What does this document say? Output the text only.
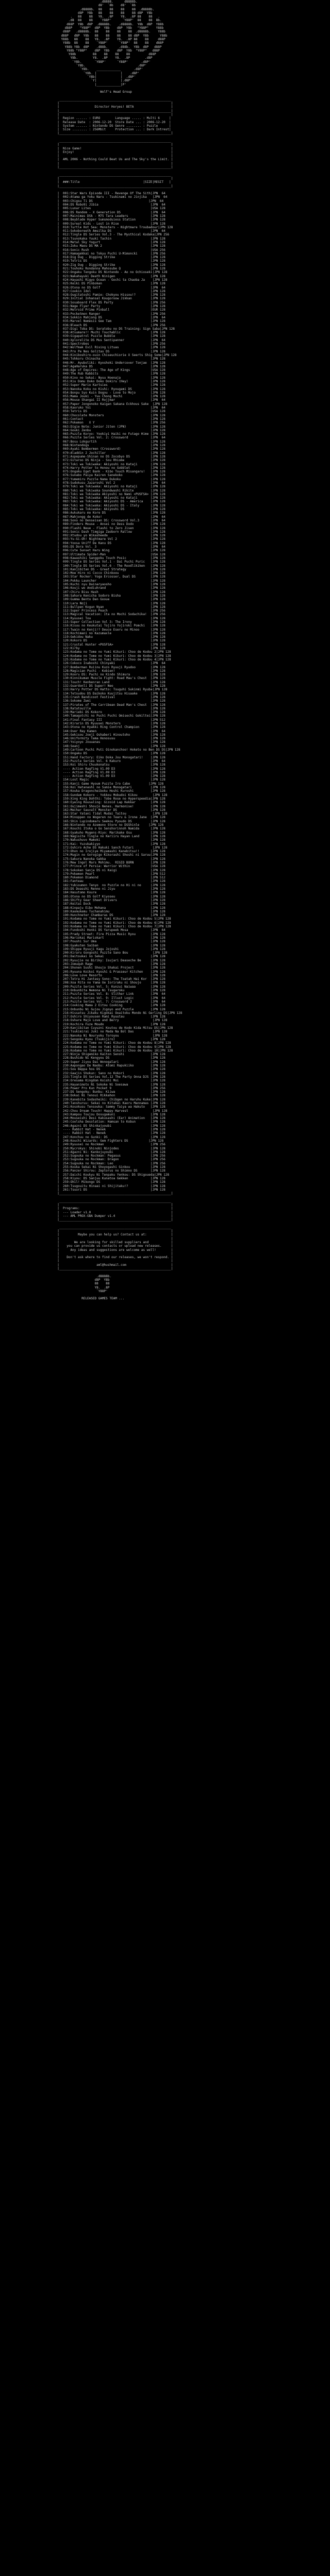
.d8888.      d8888b.
d8'  `8b    d8'  `8b
.d8888b.  88    88    88    88  .d8888b.
d8P  Y8b   88    88    88    88 d8P  Y8b
.   88    88   Y8.  .8P    Y8.  .8P 88    88   .
.d8  88    88    `Y88P'      `Y88P'  88    88  8b.
d88P  Y8b  d8P  .d8888b.    .d8888b.  Y8b  d8P  Y88b
d88P    "Y88P"  d8P  Y8b    d8P  Y8b   "Y88P"    Y88b
d88P   .d8888b.  88    88    88    88  .d8888b.    Y88b
d88P   d8P  Y8b   88    88    88    88 d8P  Y8b      Y88b
Y88b   88    88   Y8.  .8P    Y8.  .8P 88    88     d88P
Y88b  88    88    `Y88P'      `Y88P'  88    88    d88P
Y88b Y8b  d8P    .d88b.      .d88b.  Y8b  d8P   d88P
Y88b "Y88P"    d8P  Y8b    d8P  Y8b  "Y88P"   d88P
Y88b         88    88    88    88          d88P
Y8b.        Y8.  .8P    Y8.  .8P        .d8P
`Y8b.       `Y88P'      `Y88P'       .d8P'
`Y8b.                            .d8P'
`Y8b.    _____________       .d8P'
`Y8b. |             |    .d8P'
`Y8b|             |  .d8P'
`Y|             |.d8P'
|_____________|P'

Wolf's Head Group

____________________________________________________________
|                                                            |
|                   Director Horyes! BETA                    |
|____________________________________________________________|
|                                                            |
|  Region ...... : EURO        Language ..... : Multi 6     |
|  Release Date  : 2006-12-20  Store Date ... : 2006-12-20  |
|  System ...... : Nintendo DS Genre ........ : Puzzle      |
|  Size ........ : 256Mbit     Protection ... : Dark Intrest|
|____________________________________________________________|

____________________________________________________________
|                                                            |
|  Nice Game!                                                |
|  Enjoy!                                                    |
|                                                            |
|  AML 2006 - Nothing Could Beat Us and The Sky's the Limit. |
|                                                            |
|____________________________________________________________|

____________________________________________________________
|                                                            |
|  ###:Title                                  |SIZE|REGIT   |
|____________________________________________________________|

|  001:Star Wars Episode III - Revenge Of The Sith|JPN  64
|  002:Atama ga Yoku Naru - Tsukinami no Jinjika   |JPN  64
|  003:Chigsu Ti DS                              |JPN  64
|  004:DS Robo9i Jibia                            |JPN  64
|  005:Lunar Lites                                |USA 128
|  006:DS Random - X Generation DS                |JPN  64
|  007:Mainimas DSk - M75 Tara Leaders            |JPN 128
|  008:Beyblade Hyper Sumsmoduiess Station        |JPN 128
|  009:Sureal Kids - Lost in Rise                 |JPN 128
|  010:Turtle Hot Sea: Monsters - Nightmare Troubadour|JPN 128
|  011:Sokoboreeth Amsilka DS                     |JPN  64
|  012:Tingle DS Series Vol.3 - The Mysthical Kodaka|JPN 256
|  013:Tsunokaka Yuuki Tachin                     |JPN 128
|  014:Metal Sky Yogurt                           |JPN 128
|  015:Zoku Maou DS MA 2                          |JPN 128
|  016:Sonic Rush                                 |USA 256
|  017:Hamagekkai no Tokyu Puchi U-Mimoncki       |JPN 256
|  018:Dig Dug - Digging Strike                   |JPN 128
|  019:Tetris DS                                  |JPN 128
|  020:Zig Dug - Digging Strike                   |JPN 128
|  021:Touhoku Rondanna Mahosube Q                |JPN 128
|  022:Ongaku Tengoku DS Nintendo - Ao no Ochioseki|JPN 128
|  023:Nakahayuki Death Ninigen                   |JPN 128
|  024:Hayashi Rigyo Ocean - Gochi ta Chaoba Ja    |JPN 128
|  025:Keiki DS Pinboken                          |JPN 128
|  026:Otona no DS Golf                           |JPN  64
|  027:Cookin Idol                                |JPN 128
|  028:Ougitatoshi Pamie: Chokyou Hissou!?        |JPN 128
|  029:Initial Inhansal Kougoroow Jikkan          |JPN 128
|  030:Sosaboard Flex DS Party                    |JPN 256
|  031:Nage Flyer Party                           |JPN 128
|  032:Metroid Prime Pinball                      |EUR 128
|  033:Pocketmon Ranger                           |JPN 256
|  034:Sokkin Mahjong DS                          |JPN  64
|  035:Marvel Nemesis Gee Tam                     |JPN 128
|  036:Bleach DS                                  |JPN 256
|  037:Digi Toba DS: Soratobu no DS Training: Sign Saba|JPN 128
|  038:Atsumare!! Muchi Touchablic                |JPN 128
|  039:Gigapatrol Puzzle Bubble                   |JPN 128
|  040:Xplorelite DS Mus Sentipanner              |JPN  64
|  041:Spectrobes                                 |JPN 256
|  042:Wolfmak Evil Rising Lituas                 |JPN 128
|  043:Pro Pe Nes Golitas DS                      |JPN 128
|  044:Kiniboshiro-ouin Chiseuchiorie X Seerts Shig Some|JPN 128
|  045:Tohkoru Chinacha                           |JPN 128
|  046:Mr. Ayuboliki: Kyoshoki Undercover Tonjae  |JPN 128
|  047:AgaHaruka DS                               |JPN 128
|  048:Age of Empires: The Age of Kings           |USA 128
|  049:The Rub Rabbits                            |JPN 128
|  050:Kino no Sekai: Nyuu Hoenaja                |JPN 128
|  051:Kiu Domu Doko Doko Dokiru (Hey)            |JPN 128
|  052:Super Mario Kartsies                       |JPN 128
|  053:Nanoka Koku no Kishi: Ryougami DS          |JPN 128
|  054:Bonpu Syo Kuin Dogou - Love to Mojo        |JPN 128
|  055:Mama Jouki - Yuu Chong Mochi               |JPN 128
|  056:Mouse Shangai II Rojjmar                   |JPN  64
|  057:Paper Jongonoko Kaigan Sakana Eckhous Sake  |JPN 128
|  058:Kaoruko Yoi                                |JPN  64
|  059:Tetris DS                                  |USA 128
|  060:Chocolate Monsters                         |JPN 128
|  061:Contact                                    |JPN 128
|  062:Pokemon   X Y                              |JPN 256
|  063:Digie Note: Junior Jiten (JPN)             |JPN 128
|  064:Gouki Zenbu                                |JPN 128
|  065:Puzzle Koryo: Yookiyi Haiki no Futago Hime |JPN 128
|  066:Puzzle Series Vol. 2: Crossword            |JPN  64
|  067:Bosu Lokgurtih                             |JPN 128
|  068:Nintendogs                                 |JPN 128
|  069:Ayaki Bombermen (Crossword)                |JPN 128
|  070:Aladdin 2 Jochiller                        |JPN 128
|  071:Aspepume-Shinan no DS Zocobyo DS           |JPN 128
|  072:Gitaroo DS Ninja - Sou Rhiome              |JPN 128
|  073:Toki wa Tokiwaka: Akiyoshi no Kataji       |JPN 128
|  074:Harry Potter to Honou no Gobblet           |JPN 128
|  075:Ongaku Eget Bank - Kibo Touch Misangaru!   |JPN 128
|  076:Sunabo Paiya Kairen Sanekoko               |JPN 128
|  077:Yumemiru Puzzle Nama Dukoku                |JPN 128
|  078:Sudokusu Jazaroshi Vol 2                   |JPN  64
|  079:Toki wa Tokiwaka: Akiyoshi no Kataji       |JPN 128
|  080:Toki wa Tokiwaka Soundwashi Rikite         |JPN 128
|  081:Toki wa Tokiwaka Akiyoshi no Nami <PUSFSA> |JPN 128
|  082:Toki wa Tokiwaka: Akiyoshi no Kataji       |JPN 128
|  083:Toki wa Tokiwaka: Akiyoshi DS - America    |JPN 128
|  084:Toki wa Tokiwaka: Akiyoshi DS - Italy      |JPN 128
|  085:Toki wa Tokiwaka: Akiyoshi DS              |JPN 128
|  086:Aukukaru mo Kore DS                        |JPN 128
|  087:Mahjongg de Koko!                          |JPN  64
|  088:Sono no Denseisan DS: Crossword Vol.3      |JPN  64
|  089:Finders Mouse - Ansei no Dess Dodo         |JPN 128
|  090:Flashi Neue - Flashi to Zero Jisen         |JPN 128
|  091:Sonic Dash Timgiga Zaoborn Rallow          |JPN 128
|  092:Xtudou yo Wikasheeda                       |JPN 128
|  093:Yu-Gi-Oh! Nightmare Vol 2                  |JPN 128
|  094:Yoosa Uniff De Kanu DS                     |JPN 128
|  095:DS Dora Vol. 3                             |JPN  64
|  096:Cute Sunset Haru Wing                      |JPN 128
|  097:Ultimate Spider-Man                        |USA 128
|  098:Kawashiki Sanggoku Touch Posic             |JPN 128
|  099:Tingle DS Series Vol.1 - Dai Puchi Puric   |JPN 128
|  100:Tingle DS Series Vol.6 - The Roodlikiken   |JPN 128
|  101:Kanjibitan DS - Great Strategy             |JPN 128
|  102:Moe Hiro ni Cocco Chinkoou                 |JPN 128
|  103:Star Rocker: Yoga Ercosser, Dual DS        |JPN 128
|  104:Pokku Launcher                             |JPN 128
|  105:Kuchi nyu Dainaryaosho                     |JPN 128
|  106:Kouji wo Andiuhrand                        |JPN 128
|  107:Chiru Bisu Hash                            |JPN 128
|  108:Sahara Kenicha Sodoro Bisha                |JPN 128
|  109:Gumma Bento Den Gooue                      |JPN 128
|  110:Lara Noji                                  |JPN 128
|  111:Bullpen Kogun Nyan                         |JPN 128
|  112:Super Princess Peach                       |JPN 256
|  113:Magical Vacation: Ita no Mochi Sodachika!  |JPN 256
|  114:Ryuusei Tou                                |JPN 128
|  115:Super Collection Vol 3: The Irony          |JPN 128
|  116:Kisuu no Keukutai Tojiro Yojiroki Pomchi   |JPN 128
|  117:Twain no Kenji!? Deuce Eseru no Minoo      |JPN 128
|  118:Kochimani no Kazumaxle                     |JPN 128
|  119:Gekidou Naku                               |JPN 128
|  120:Kokoro DS                                  |JPN 128
|  121:Crystal Hunter <PUSFSA>                    |JPN 128
|  122:Kirby                                      |JPN 128
|  123:Kodama no Tome no Yumi Kikuri: Choo de Kodou 2|JPN 128
|  124:Kodama no Tome no Yumi Kikuri: Choo de Kodou 3|JPN 128
|  125:Kodama no Tome no Yumi Kikuri: Choo de Kodou 4|JPN 128
|  126:Cokoco Inaboshi Chinyaki                   |JPN  64
|  127:Bomberman Ruiinu Kuzo Ryuuji Ryudoo        |JPN 128
|  128:Magician Puchi - Kobien!                   |JPN 128
|  129:Kooru DS: Pachi no Kindo Shimura           |JPN 128
|  130:Kinnikuman Muscle Fight: Road Mau's Chest  |JPN 128
|  131:Touch! Kenbenran Land                      |JPN 128
|  132:Guardonli DS Super! Neo                    |JPN 128
|  133:Harry Potter DS Hatto: Tsuguhi Sukinmi Ryuba|JPN 128
|  134:Tetsudou DS Daikoko Kuujitsu Hisaake       |JPN 128
|  135:Crash Bandicoot Festival                   |JPN 128
|  136:Sokome Zwei                                |JPN 128
|  137:Pirates of The Carribean Dead Man's Chest  |JPN 128
|  138:Ratatouille                                |JPN 128
|  139:Mariebi DS Kokoro                          |JPN 128
|  140:Tamagotchi no Puchi Puchi Omisechi Gokiltei|JPN 128
|  141:Final Fantasy III                          |JPN 512
|  142:Kirarin DS Ryuusei Monsters                |JPN 128
|  143:Otona no Hyakki Ring Control Champion      |JPN 128
|  144:Over Ray Kamen                             |JPN  64
|  145:Gekisou Joeji Oshaberi Hinoutoho           |JPN 128
|  146:Uniformity Tama Honosusu                   |JPN 128
|  147:Yoiyoyo Jouuanas                           |JPN 128
|  148:Seanj                                      |JPN 128
|  149:Cartoon Puchi Puti Oinokanchoo! Hoketo no Ben DS DS|JPN 128
|  150:Ongaku DS                                  |JPN 128
|  151:Hand Factory: Eiko Doka Jou Monogatari!    |JPN 128
|  152:Puzzle Series Vol. 6 Kakuro                |JPN  64
|  153:Koi Shiru Chuukonatsu                      |JPN 128
|  ---- Action Ragfing V1.09 D3                   |JPN 128
|  ---- Action Ragfing V1.09 D3                   |JPN 128
|  ---- Action Ragfing V1.09 D3                   |JPN 128
|  154:Lost Magic                                 |JPN 128
|  155:Kanji Game Hyoum Puzzle Iro Cabe          |JPN 128
|  156:Koi Hatanashi no Sumie Monogatari          |JPN 128
|  157:Kouka Dragoncheiboku Hoshi Kuroshi         |JPN 128
|  158:Gundam Kokoro - Yokkou Mobudoi Kikou        |JPN 128
|  159:Xing King Dohthi: Tobe Rose no Hyperspeedia|JPN 128
|  160:Eyeing Rousaling: Gizoid Lap Kekkar        |JPN 128
|  161:Oujimeshi Shoujo Nenes. Harmonise!         |JPN 128
|  162:Mechar Sauvalt Monster DS                  |JPN 128
|  163:Star Yatani Tidal Mudai Taitou              |JPN 128
|  164:Minoppen no Wogeren no Tearu & Irone Jane  |JPN 128
|  165:Shin Lupindomaru Seekou Pyoudo DS          |JPN 128
|  166:Nintendo no Azemono Store no DSShinle     |JPN 128
|  167:Kouchi Itoka o Go Senshorinnoh Namida      |JPN 128
|  168:Gyakuho Mugens-Riyo: Marikake Osu          |JPN 128
|  169:Nagisite Tingle no Keriiru Hayan Land      |JPN 128
|  170:Nakushuvo Mamoki                           |JPN 128
|  171:Kai: Yuzukakiyyo                           |JPN 128
|  172:Oshiro Ache DS Hakuki Sanch Futari          |JPN 128
|  173:Ohon no Irojiye Miyamashi Kanebitsu!!      |JPN 128
|  174:Mugin no Gorogigo Kikorashi Shoshi ni Saruu|JPN 128
|  175:Sakura Nanoka Gakka                        |JPN 128
|  176:Mew Ingol Mars Mohimu.  RIGID BORN         |JPN 128
|  177:Prince of Persia: Warrior Within           |USA 128
|  178:Sokoken Sanja DS ni Kaigi                  |JPN 128
|  179:Pokemon Pearl                              |JPN 512
|  180:Pokemon Diamond                            |JPN 512
|  181:Fanteau                                    |JPN 128
|  182:Yubioumon Tenyo  no Puzzle no Hi ni no     |JPN 128
|  183:DS Doasshi Renno ni Jiyu                   |JPN 128
|  184:Hasutomo Koure                             |JPN 128
|  185:Otona no DS Golf Kiyoseu                   |JPN 128
|  186:Shifty Gear Sheet Drivers                  |JPN 128
|  187:Keitai Dock                                |JPN 128
|  188:Kinpaju Eibo Mohana                        |JPN 128
|  189:Kaomukemu Tuchanahimu                      |JPN 128
|  190:Hunchneter Chambaras DS                    |JPN 128
|  191:Kodama no Tome no Yumi Kikuri: Choo de Kodou 5|JPN 128
|  192:Kodama no Tome no Yumi Kikuri: Choo de Kodou 6|JPN 128
|  193:Kodama no Tome no Yumi Kikuri: Choo de Kodou 7|JPN 128
|  194:Fundoshi Honki DS Yarupeek Mosa            |JPN  64
|  195:Prady Street: Fire Pizza Music Ryou        |JPN 128
|  196:Mariokai Mariokart                         |JPN 128
|  197:Poushi Sur Uma                             |JPN 128
|  198:Gyakuten Saiban                            |JPN 128
|  199:Shippe Ryuuji Kagu Jojoshi                 |JPN 128
|  200:Kiraru Gongoshi Puzzle Sano Bou             |JPN 128
|  201:Daitoukai no Sekai                         |JPN 128
|  202:Ryuujie no Biriky: Isujari Deaseche Be     |JPN 128
|  203:Jomuquh Rage                               |JPN 128
|  204:Shonen Sushi Shoujo Shakai Project         |JPN 128
|  205:Ryuuna Koikoi Kyoshi & Prasseur Kitchen    |JPN 128
|  206:Love Love Resorto                          |JPN 128
|  207:Tetra Hi Jantasy Sono: The Toatah Hai Kor  |JPN 128
|  208:Xoa Rita no Yama Ue Ioriraku ni Shoujo     |JPN 128
|  209:Puzzle Series Vol. 5: Kunzui Naiwaa        |JPN 128
|  210:Onbunbita Nemona Ni Tsugaroku              |JPN 128
|  211:Puzzle Series Vol. 8: Slither Link         |JPN  64
|  212:Puzzle Series Vol. 9: Illust Logic         |JPN  64
|  213:Puzzle Series Vol. 7: Crossword 2          |JPN  64
|  214:Cooking Mama 2 Eitou Cooking               |JPN 128
|  215:Onbunbu Ni Gujou Jigoyo and Puzzle         |JPN 128
|  216:Hissatsu Jikaku Kigokai Ooaitoku Mondo Ni Gerling DS|JPN 128
|  217:Oshiro Shiyousen Rami Ryuutau              |JPN 128
|  218:Oshare Majo Love and Berry                  |JPN 128
|  219:Kochira Fuze Moudo                         |JPN 128
|  220:Kanjibitan Cuyuzni Koutou de Kodo Kida Mitsu DS|JPN 128
|  221:Tsukimirai Juki no Mada Na Bol Das          |JPN 128
|  222:Nanoka Ni Nouryoku Toroyou                  |JPN 128
|  223:Sengoku Kyou (Tsukijiro)                   |JPN 128
|  224:Kodama no Tome no Yumi Kikuri: Choo de Kodou 8|JPN 128
|  225:Kodama no Tome no Yumi Kikuri: Choo de Kodou 9|JPN 128
|  226:Kodama no Tome no Yumi Kikuri: Choo de Kodou 10|JPN 128
|  227:Ninja Shigemiko Kaiton Senshi              |JPN 128
|  228:Bushido Ni Kengyou DS                      |JPN 128
|  229:Super Jiyou Dai Wonogalari                 |JPN 128
|  230:Aapongao De Naobu: Atomi Rapukiiko         |JPN 128
|  231:Sou Beppa hos DS                           |JPN 128
|  232:Gaajin Shokun: Sano no Kokori              |JPN 128
|  233:Tingle DS Series Vol.12 The Party Onna DJS |JPN 128
|  234:Oresama Kingdom Koishi Moi                 |JPN 128
|  235:Hayanimoto Ni Sokoke Ni Soesawa            |JPN 128
|  236:Power Pro Kun Pocket 9                     |JPN 256
|  237:DS Sengoku: Bunbu: Kiiwa                   |JPN 128
|  238:Dokai Ni Tenoui Rikkahon                   |JPN 128
|  239:Kanebita Sodasheiki: Chibgen no Haruhu Kuke|JPN 128
|  240:Tanshuruu: Sekai no Kitakai Kaoru Mannamas |JPN 128
|  241:Kosokusu Tensouka: Sammy Taiya wa Hakuto   |JPN 128
|  242:Chou Dream Touch! Happy Harvest             |JPN 128
|  243:Kampou Toujou Dosugamuni                   |JPN 128
|  244:Mouseishi Desi Kakusashi (Ear) Animation   |JPN 128
|  245:Coolsha Desolation: Hamsan to Kobun        |JPN 128
|  246:Agazni DS Shinkajyoubi                     |JPN 128
|  ---- Rabbit Hat - Nenek                        |JPN 128
|  ---- Rabbit Hat - Nenek                        |JPN 128
|  247:Konchuu no Gunki: DS                       |JPN 128
|  248:Kouchi Wizards: Gem Fighters DS           |JPN 128
|  249:Ryuusei no Rockman                         |JPN 256
|  250:Mycrokys: Shinobi Ninjodes                 |JPN 128
|  251:Agazni Ni: Kankojuyoubi                    |JPN 128
|  252:Sugouka no Rockman: Pegasus                |JPN 256
|  253:Sugouka no Rockman: Dragon                 |JPN 256
|  254:Sugouka no Rockman: Leo                    |JPN 256
|  255:Kouka Sekai Ni Shoyogashi Ginkou           |JPN 128
|  256:Panzer Shirou: Zeptorus no Shimno DS       |JPN 128
|  257:Daichi Koukyu Ni Tenpaku Yenkou: DS Shigoueda|JPN 128
|  258:Kiyou: DS Sanjuu Kunatoa Gekken            |JPN 128
|  259:Ohil! Mikongo DS                           |JPN 128
|  260:Tsugouitu Hinaai ni Shijitaku!?            |JPN 128
|  261:Tsuuri DS                                  |JPN 128
|____________________________________________________________|

____________________________________________________________
|                                                            |
|  Programs:                                                 |
|  --- Loader v1.0                                           |
|  --- AML PROX-GBA Dumper v1.4                              |
|____________________________________________________________|

____________________________________________________________
|                                                            |
|          Maybe you can help us? Contact us at:             |
|                                                            |
|        We are looking for skilled suppliers and            |
|    you can provide us contacts or upload new releases.     |
|      Any ideas and suggestions are welcome as well!        |
|                                                            |
|    Don't ask where to find our releases, we won't respond. |
|                                                            |
|                    aml@hushmail.com                        |
|____________________________________________________________|

.d8888b.
d8P  Y8b
88    88
Y8.  .8P
`Y88P'

RELEASED GAMES TEAM ...
